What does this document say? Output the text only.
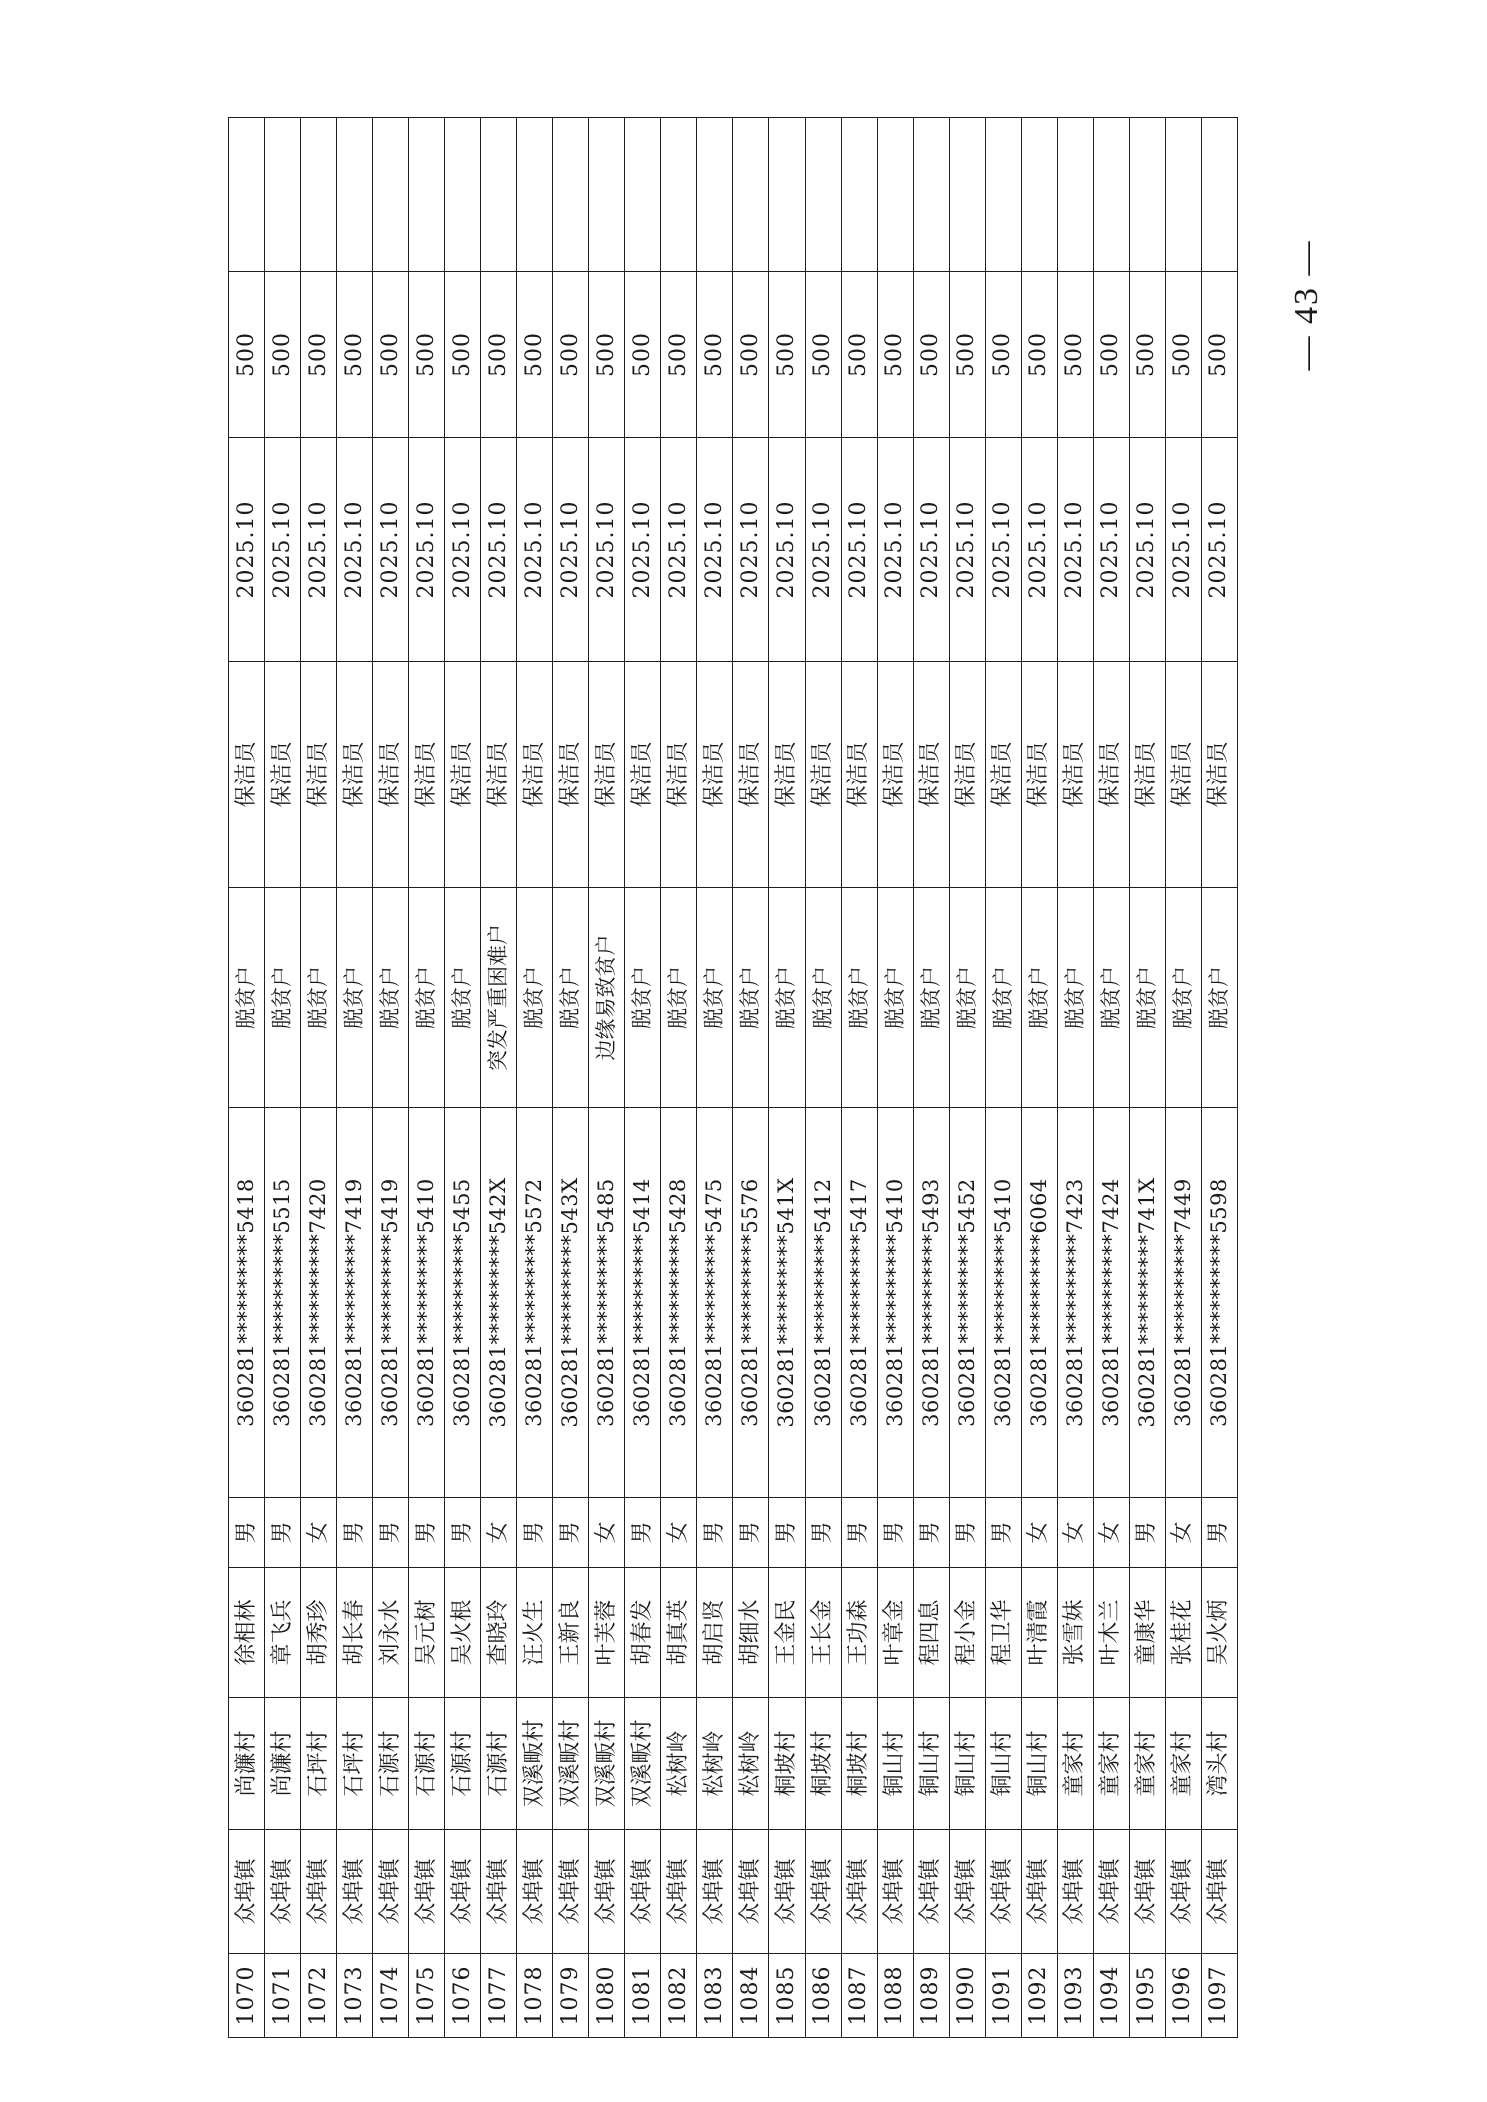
1070	众埠镇	尚濂村	徐相林	男	360281**********5418	脱贫户	保洁员	2025.10	500	
1071	众埠镇	尚濂村	章飞兵	男	360281**********5515	脱贫户	保洁员	2025.10	500	
1072	众埠镇	石坪村	胡秀珍	女	360281**********7420	脱贫户	保洁员	2025.10	500	
1073	众埠镇	石坪村	胡长春	男	360281**********7419	脱贫户	保洁员	2025.10	500	
1074	众埠镇	石源村	刘永水	男	360281**********5419	脱贫户	保洁员	2025.10	500	
1075	众埠镇	石源村	吴元树	男	360281**********5410	脱贫户	保洁员	2025.10	500	
1076	众埠镇	石源村	吴火根	男	360281**********5455	脱贫户	保洁员	2025.10	500	
1077	众埠镇	石源村	查晓玲	女	360281**********542X	突发严重困难户	保洁员	2025.10	500	
1078	众埠镇	双溪畈村	汪火生	男	360281**********5572	脱贫户	保洁员	2025.10	500	
1079	众埠镇	双溪畈村	王新良	男	360281**********543X	脱贫户	保洁员	2025.10	500	
1080	众埠镇	双溪畈村	叶芙蓉	女	360281**********5485	边缘易致贫户	保洁员	2025.10	500	
1081	众埠镇	双溪畈村	胡春发	男	360281**********5414	脱贫户	保洁员	2025.10	500	
1082	众埠镇	松树岭	胡真英	女	360281**********5428	脱贫户	保洁员	2025.10	500	
1083	众埠镇	松树岭	胡启贤	男	360281**********5475	脱贫户	保洁员	2025.10	500	
1084	众埠镇	松树岭	胡细水	男	360281**********5576	脱贫户	保洁员	2025.10	500	
1085	众埠镇	桐坡村	王金民	男	360281**********541X	脱贫户	保洁员	2025.10	500	
1086	众埠镇	桐坡村	王长金	男	360281**********5412	脱贫户	保洁员	2025.10	500	
1087	众埠镇	桐坡村	王功森	男	360281**********5417	脱贫户	保洁员	2025.10	500	
1088	众埠镇	铜山村	叶章金	男	360281**********5410	脱贫户	保洁员	2025.10	500	
1089	众埠镇	铜山村	程四息	男	360281**********5493	脱贫户	保洁员	2025.10	500	
1090	众埠镇	铜山村	程小金	男	360281**********5452	脱贫户	保洁员	2025.10	500	
1091	众埠镇	铜山村	程卫华	男	360281**********5410	脱贫户	保洁员	2025.10	500	
1092	众埠镇	铜山村	叶清霞	女	360281**********6064	脱贫户	保洁员	2025.10	500	
1093	众埠镇	童家村	张雪妹	女	360281**********7423	脱贫户	保洁员	2025.10	500	
1094	众埠镇	童家村	叶木兰	女	360281**********7424	脱贫户	保洁员	2025.10	500	
1095	众埠镇	童家村	童康华	男	360281**********741X	脱贫户	保洁员	2025.10	500	
1096	众埠镇	童家村	张桂花	女	360281**********7449	脱贫户	保洁员	2025.10	500	
1097	众埠镇	湾头村	吴火炳	男	360281**********5598	脱贫户	保洁员	2025.10	500	— 43 —
